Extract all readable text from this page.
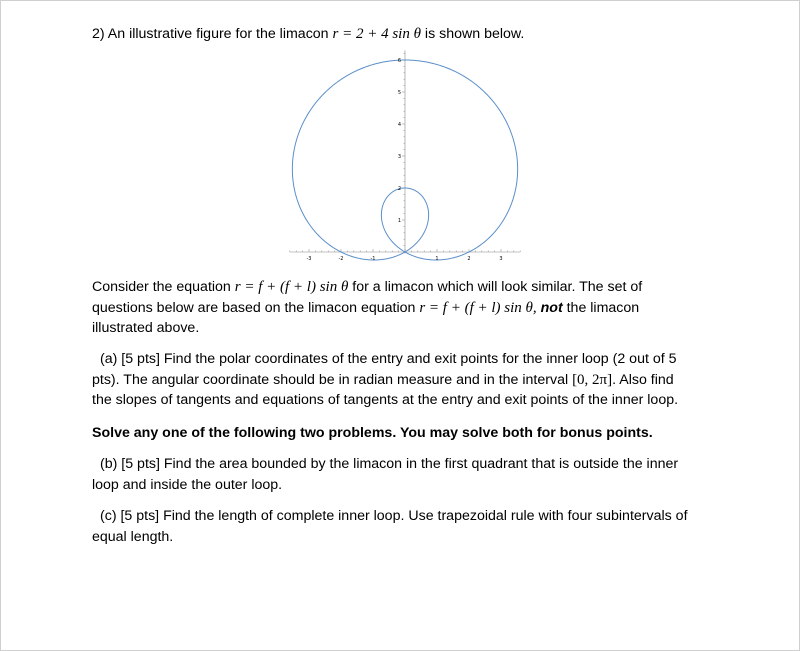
2) An illustrative figure for the limacon r = 2 + 4 sin θ is shown below.
-3	-2	-1	1	2	3
1
2
3
4
5
6
Consider the equation r = f + (f + l) sin θ for a limacon which will look similar. The set of
questions below are based on the limacon equation r = f + (f + l) sin θ, not the limacon
illustrated above.
(a) [5 pts] Find the polar coordinates of the entry and exit points for the inner loop (2 out of 5
pts). The angular coordinate should be in radian measure and in the interval [0, 2π]. Also find
the slopes of tangents and equations of tangents at the entry and exit points of the inner loop.
Solve any one of the following two problems. You may solve both for bonus points.
(b) [5 pts] Find the area bounded by the limacon in the first quadrant that is outside the inner
loop and inside the outer loop.
(c) [5 pts] Find the length of complete inner loop. Use trapezoidal rule with four subintervals of
equal length.
